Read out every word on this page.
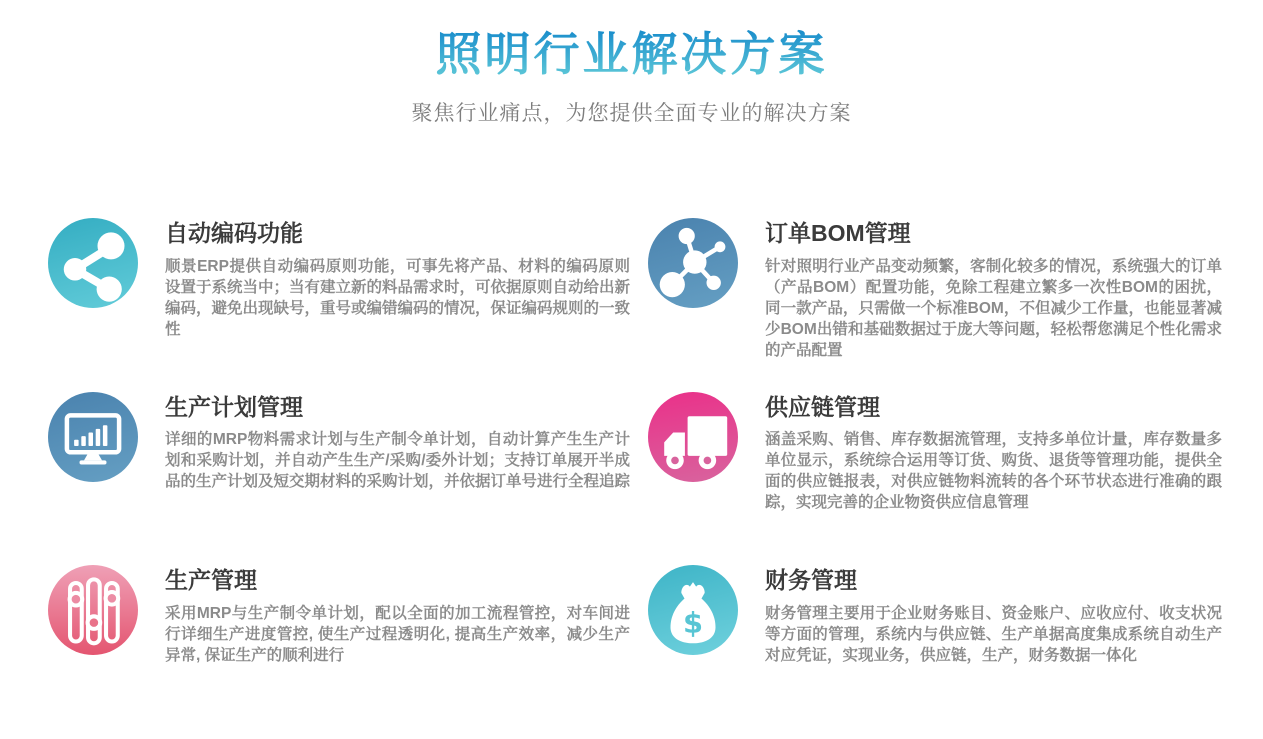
照明行业解决方案
聚焦行业痛点，为您提供全面专业的解决方案
自动编码功能

顺景ERP提供自动编码原则功能，可事先将产品、材料的编码原则设置于系统当中；当有建立新的料品需求时，可依据原则自动给出新编码，避免出现缺号，重号或编错编码的情况，保证编码规则的一致性

订单BOM管理

针对照明行业产品变动频繁，客制化较多的情况，系统强大的订单（产品BOM）配置功能，免除工程建立繁多一次性BOM的困扰，同一款产品，只需做一个标准BOM，不但减少工作量，也能显著减少BOM出错和基础数据过于庞大等问题，轻松帮您满足个性化需求的产品配置

生产计划管理

详细的MRP物料需求计划与生产制令单计划，自动计算产生生产计划和采购计划，并自动产生生产/采购/委外计划；支持订单展开半成品的生产计划及短交期材料的采购计划，并依据订单号进行全程追踪

供应链管理

涵盖采购、销售、库存数据流管理，支持多单位计量，库存数量多单位显示，系统综合运用等订货、购货、退货等管理功能，提供全面的供应链报表，对供应链物料流转的各个环节状态进行准确的跟踪，实现完善的企业物资供应信息管理

生产管理

采用MRP与生产制令单计划，配以全面的加工流程管控，对车间进行详细生产进度管控, 使生产过程透明化, 提高生产效率，减少生产异常, 保证生产的顺利进行

$
财务管理

财务管理主要用于企业财务账目、资金账户、应收应付、收支状况等方面的管理，系统内与供应链、生产单据高度集成系统自动生产对应凭证，实现业务，供应链，生产，财务数据一体化
